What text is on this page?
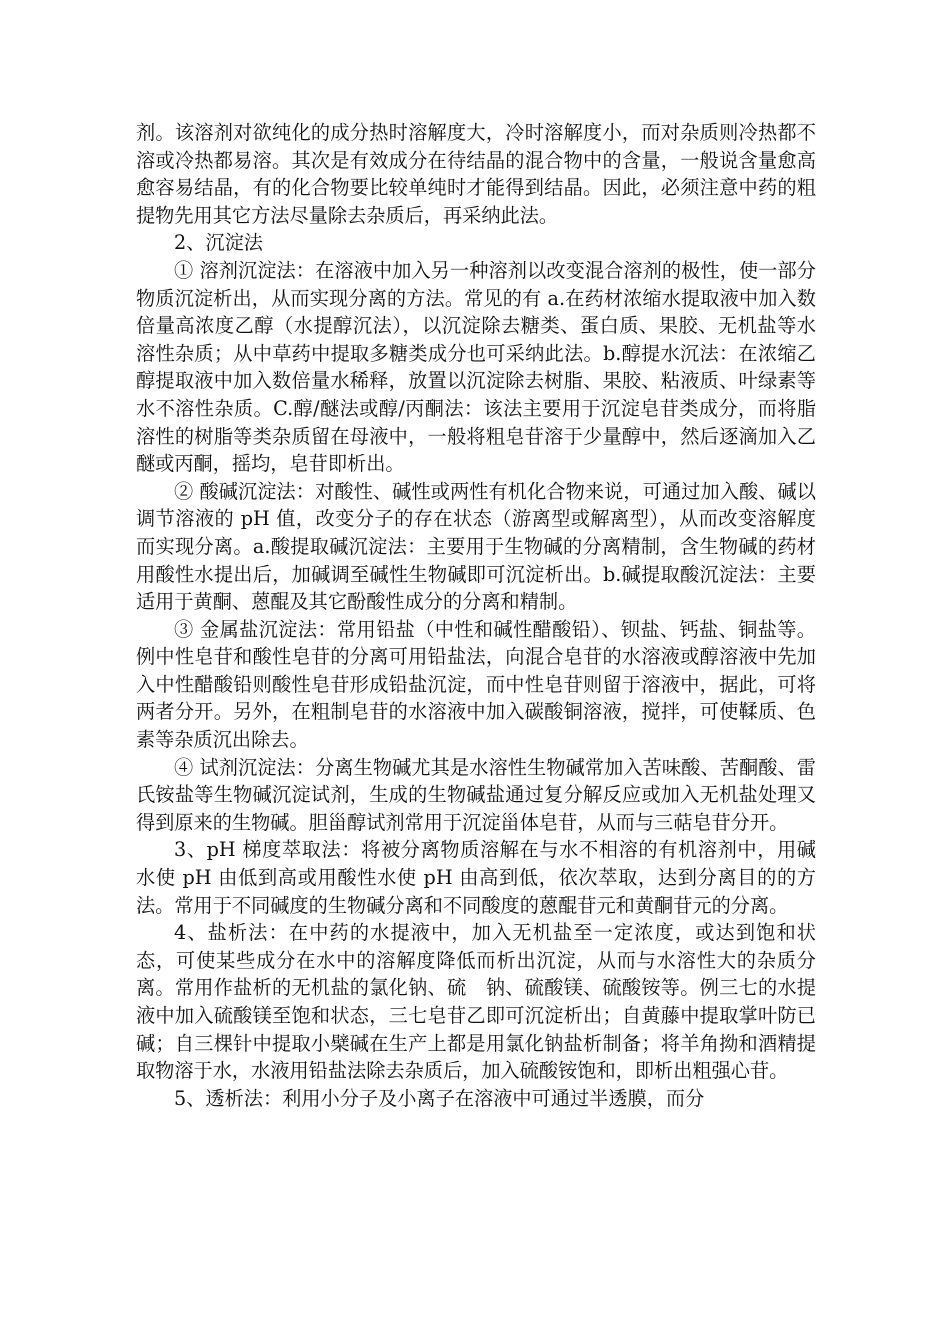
剂。该溶剂对欲纯化的成分热时溶解度大，冷时溶解度小，而对杂质则冷热都不溶或冷热都易溶。其次是有效成分在待结晶的混合物中的含量，一般说含量愈高愈容易结晶，有的化合物要比较单纯时才能得到结晶。因此，必须注意中药的粗提物先用其它方法尽量除去杂质后，再采纳此法。

2、沉淀法

① 溶剂沉淀法：在溶液中加入另一种溶剂以改变混合溶剂的极性，使一部分物质沉淀析出，从而实现分离的方法。常见的有 a.在药材浓缩水提取液中加入数倍量高浓度乙醇（水提醇沉法），以沉淀除去糖类、蛋白质、果胶、无机盐等水溶性杂质；从中草药中提取多糖类成分也可采纳此法。b.醇提水沉法：在浓缩乙醇提取液中加入数倍量水稀释，放置以沉淀除去树脂、果胶、粘液质、叶绿素等水不溶性杂质。C.醇/醚法或醇/丙酮法：该法主要用于沉淀皂苷类成分，而将脂溶性的树脂等类杂质留在母液中，一般将粗皂苷溶于少量醇中，然后逐滴加入乙醚或丙酮，摇均，皂苷即析出。

② 酸碱沉淀法：对酸性、碱性或两性有机化合物来说，可通过加入酸、碱以调节溶液的 pH 值，改变分子的存在状态（游离型或解离型），从而改变溶解度而实现分离。a.酸提取碱沉淀法：主要用于生物碱的分离精制，含生物碱的药材用酸性水提出后，加碱调至碱性生物碱即可沉淀析出。b.碱提取酸沉淀法：主要适用于黄酮、蒽醌及其它酚酸性成分的分离和精制。

③ 金属盐沉淀法：常用铅盐（中性和碱性醋酸铅）、钡盐、钙盐、铜盐等。例中性皂苷和酸性皂苷的分离可用铅盐法，向混合皂苷的水溶液或醇溶液中先加入中性醋酸铅则酸性皂苷形成铅盐沉淀，而中性皂苷则留于溶液中，据此，可将两者分开。另外，在粗制皂苷的水溶液中加入碳酸铜溶液，搅拌，可使鞣质、色素等杂质沉出除去。

④ 试剂沉淀法：分离生物碱尤其是水溶性生物碱常加入苦味酸、苦酮酸、雷氏铵盐等生物碱沉淀试剂，生成的生物碱盐通过复分解反应或加入无机盐处理又得到原来的生物碱。胆甾醇试剂常用于沉淀甾体皂苷，从而与三萜皂苷分开。

3、pH 梯度萃取法：将被分离物质溶解在与水不相溶的有机溶剂中，用碱水使 pH 由低到高或用酸性水使 pH 由高到低，依次萃取，达到分离目的的方法。常用于不同碱度的生物碱分离和不同酸度的蒽醌苷元和黄酮苷元的分离。

4、盐析法：在中药的水提液中，加入无机盐至一定浓度，或达到饱和状态，可使某些成分在水中的溶解度降低而析出沉淀，从而与水溶性大的杂质分离。常用作盐析的无机盐的氯化钠、硫　钠、硫酸镁、硫酸铵等。例三七的水提液中加入硫酸镁至饱和状态，三七皂苷乙即可沉淀析出；自黄藤中提取掌叶防已碱；自三棵针中提取小檗碱在生产上都是用氯化钠盐析制备；将羊角拗和酒精提取物溶于水，水液用铅盐法除去杂质后，加入硫酸铵饱和，即析出粗强心苷。

5、透析法：利用小分子及小离子在溶液中可通过半透膜，而分
